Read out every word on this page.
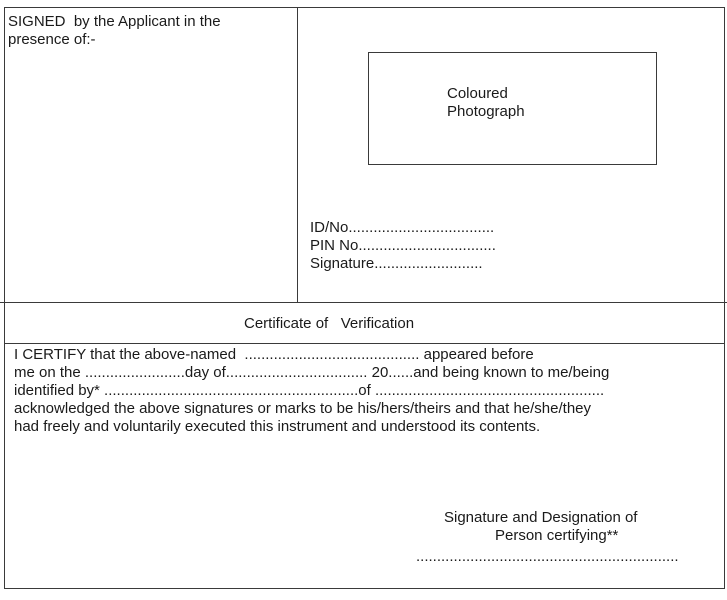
SIGNED  by the Applicant in the

presence of:-

Coloured

Photograph

ID/No...................................

PIN No.................................

Signature..........................

Certificate of   Verification

I CERTIFY that the above-named  .......................................... appeared before

me on the ........................day of.................................. 20......and being known to me/being

identified by* .............................................................of .......................................................

acknowledged the above signatures or marks to be his/hers/theirs and that he/she/they

had freely and voluntarily executed this instrument and understood its contents.

Signature and Designation of

Person certifying**

...............................................................
